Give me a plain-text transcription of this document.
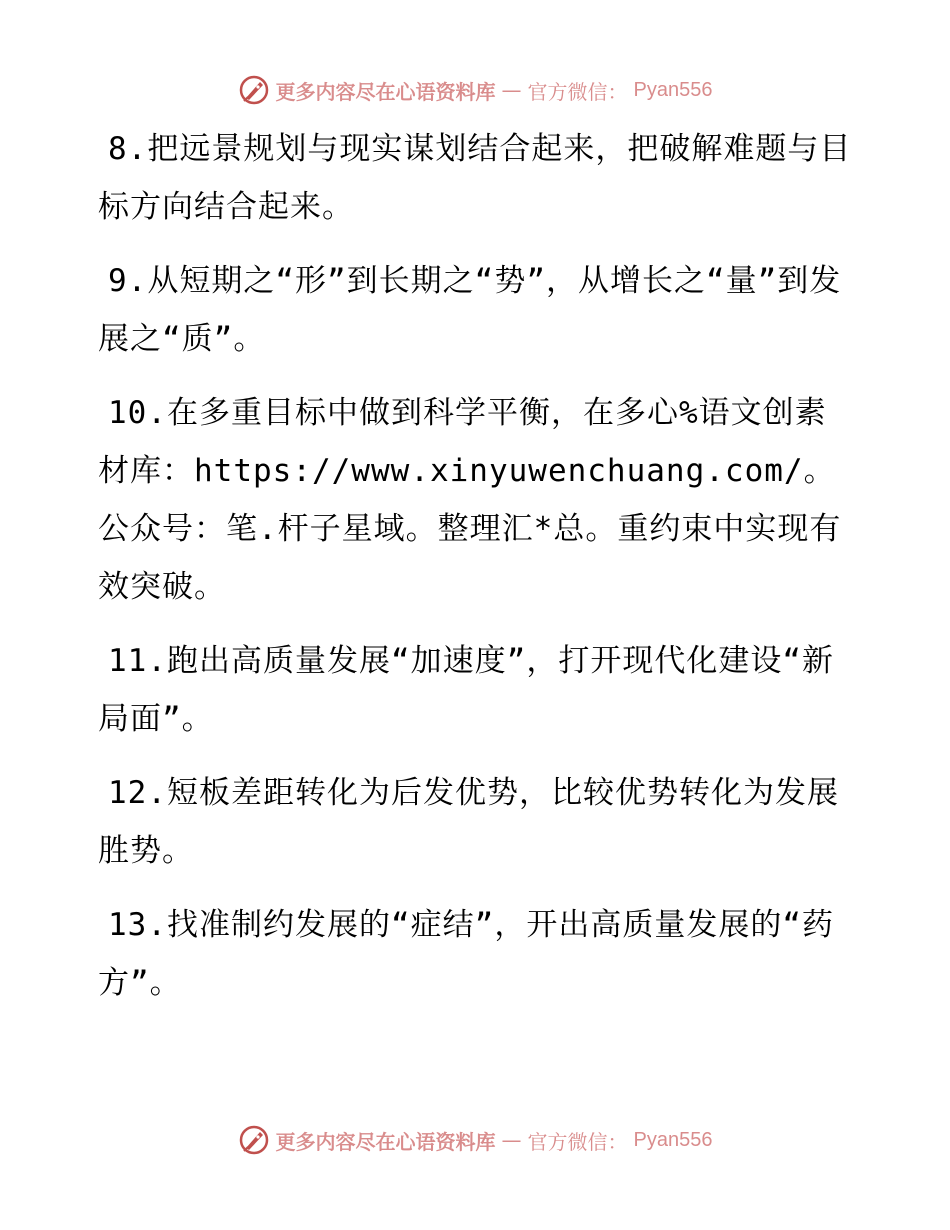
更多内容尽在心语资料库 — 官方微信： Pyan556

8.把远景规划与现实谋划结合起来，把破解难题与目标方向结合起来。

9.从短期之“形”到长期之“势”，从增长之“量”到发展之“质”。

10.在多重目标中做到科学平衡，在多心%语文创素材库：https://www.xinyuwenchuang.com/。公众号：笔.杆子星域。整理汇*总。重约束中实现有效突破。

11.跑出高质量发展“加速度”，打开现代化建设“新局面”。

12.短板差距转化为后发优势，比较优势转化为发展胜势。

13.找准制约发展的“症结”，开出高质量发展的“药方”。

更多内容尽在心语资料库 — 官方微信： Pyan556
